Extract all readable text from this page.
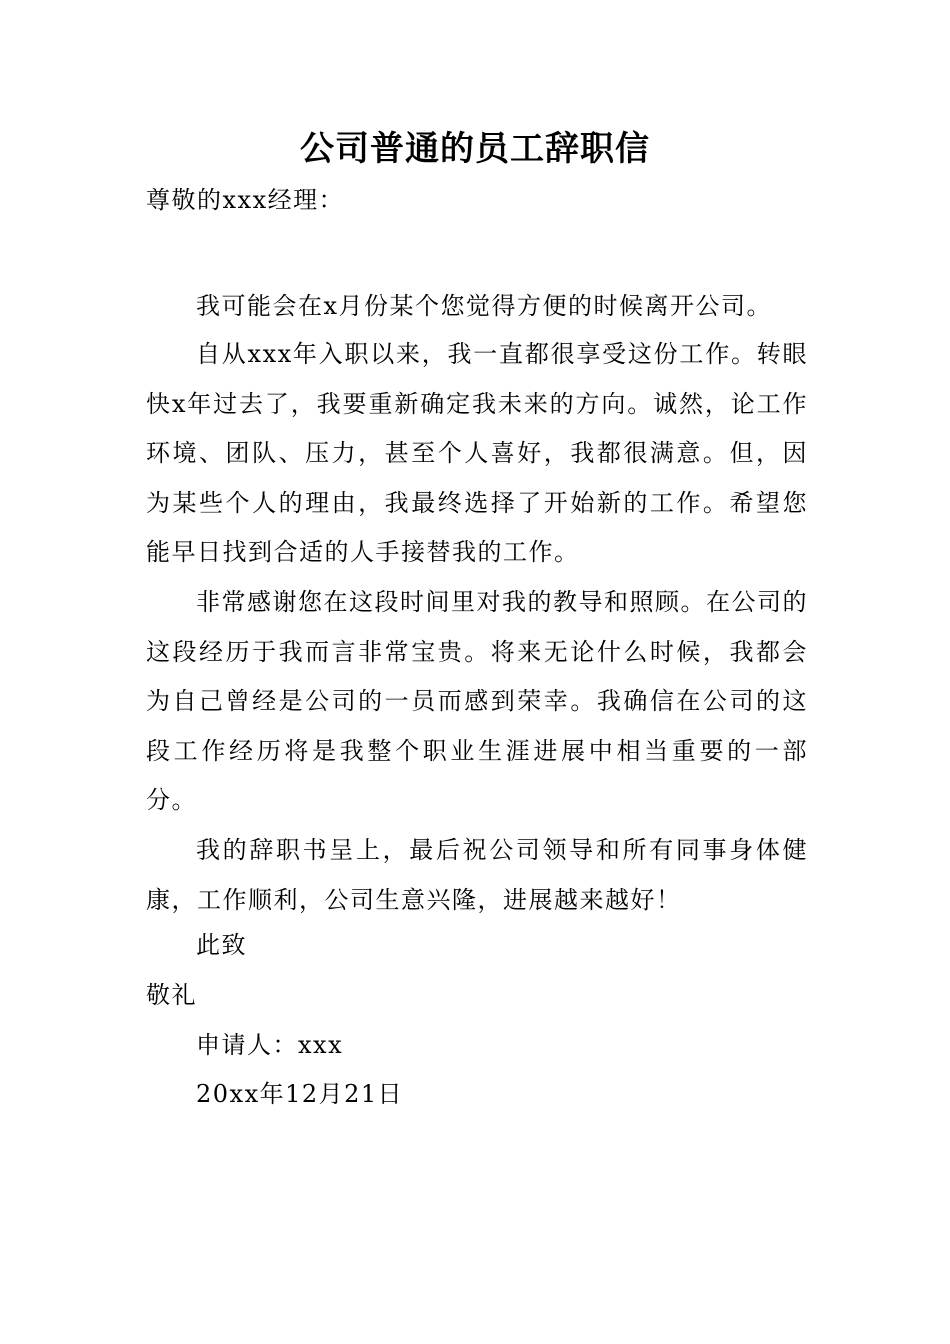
公司普通的员工辞职信

尊敬的xxx经理：

我可能会在x月份某个您觉得方便的时候离开公司。

自从xxx年入职以来，我一直都很享受这份工作。转眼快x年过去了，我要重新确定我未来的方向。诚然，论工作环境、团队、压力，甚至个人喜好，我都很满意。但，因为某些个人的理由，我最终选择了开始新的工作。希望您能早日找到合适的人手接替我的工作。

非常感谢您在这段时间里对我的教导和照顾。在公司的这段经历于我而言非常宝贵。将来无论什么时候，我都会为自己曾经是公司的一员而感到荣幸。我确信在公司的这段工作经历将是我整个职业生涯进展中相当重要的一部分。

我的辞职书呈上，最后祝公司领导和所有同事身体健康，工作顺利，公司生意兴隆，进展越来越好！

此致

敬礼

申请人：xxx

20xx年12月21日
